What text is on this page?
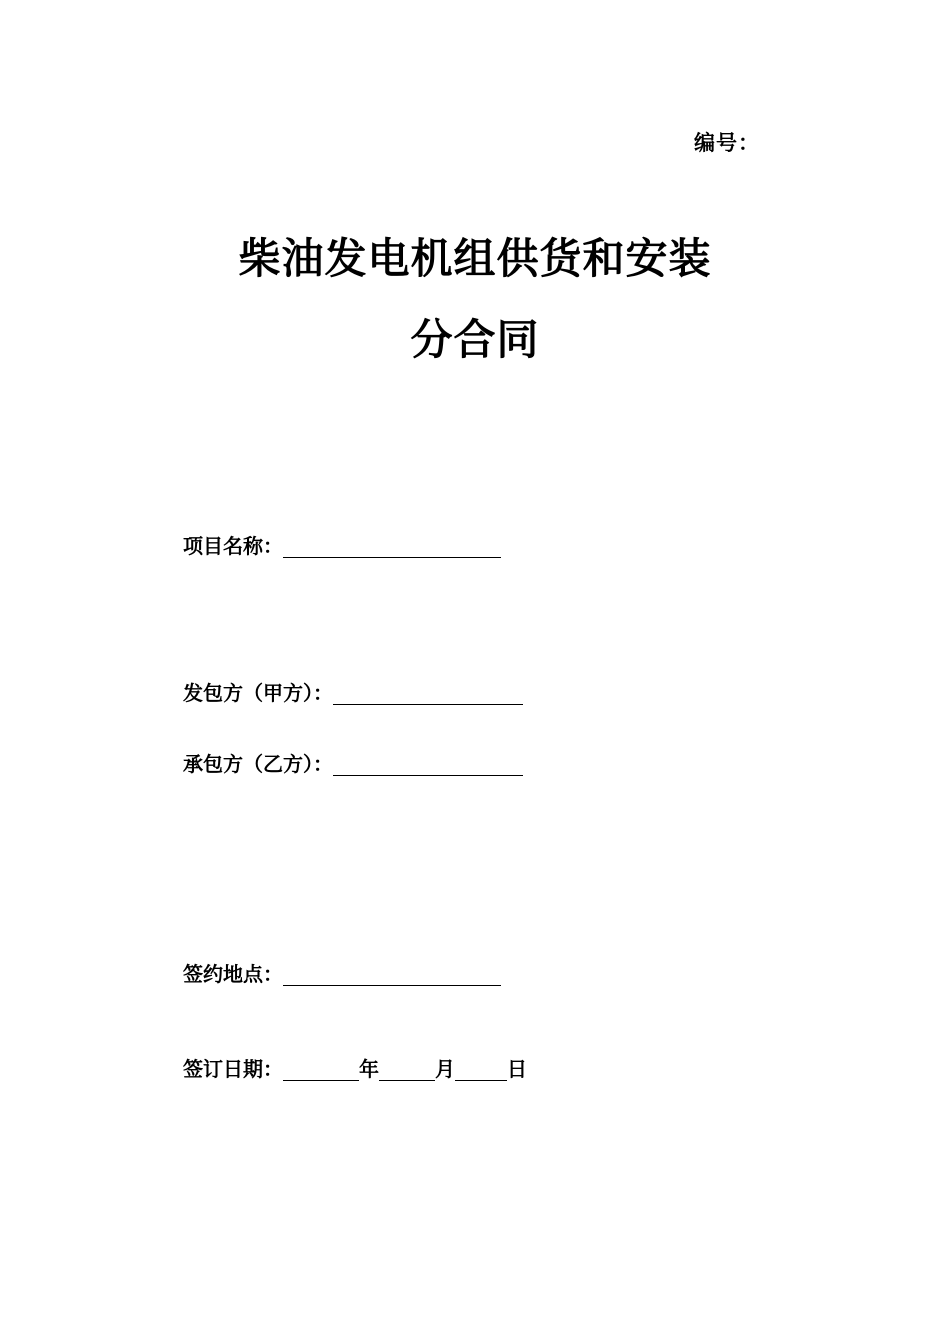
编号：
柴油发电机组供货和安装
分合同
项目名称：
发包方（甲方）：
承包方（乙方）：
签约地点：
签订日期：	年	月	日
